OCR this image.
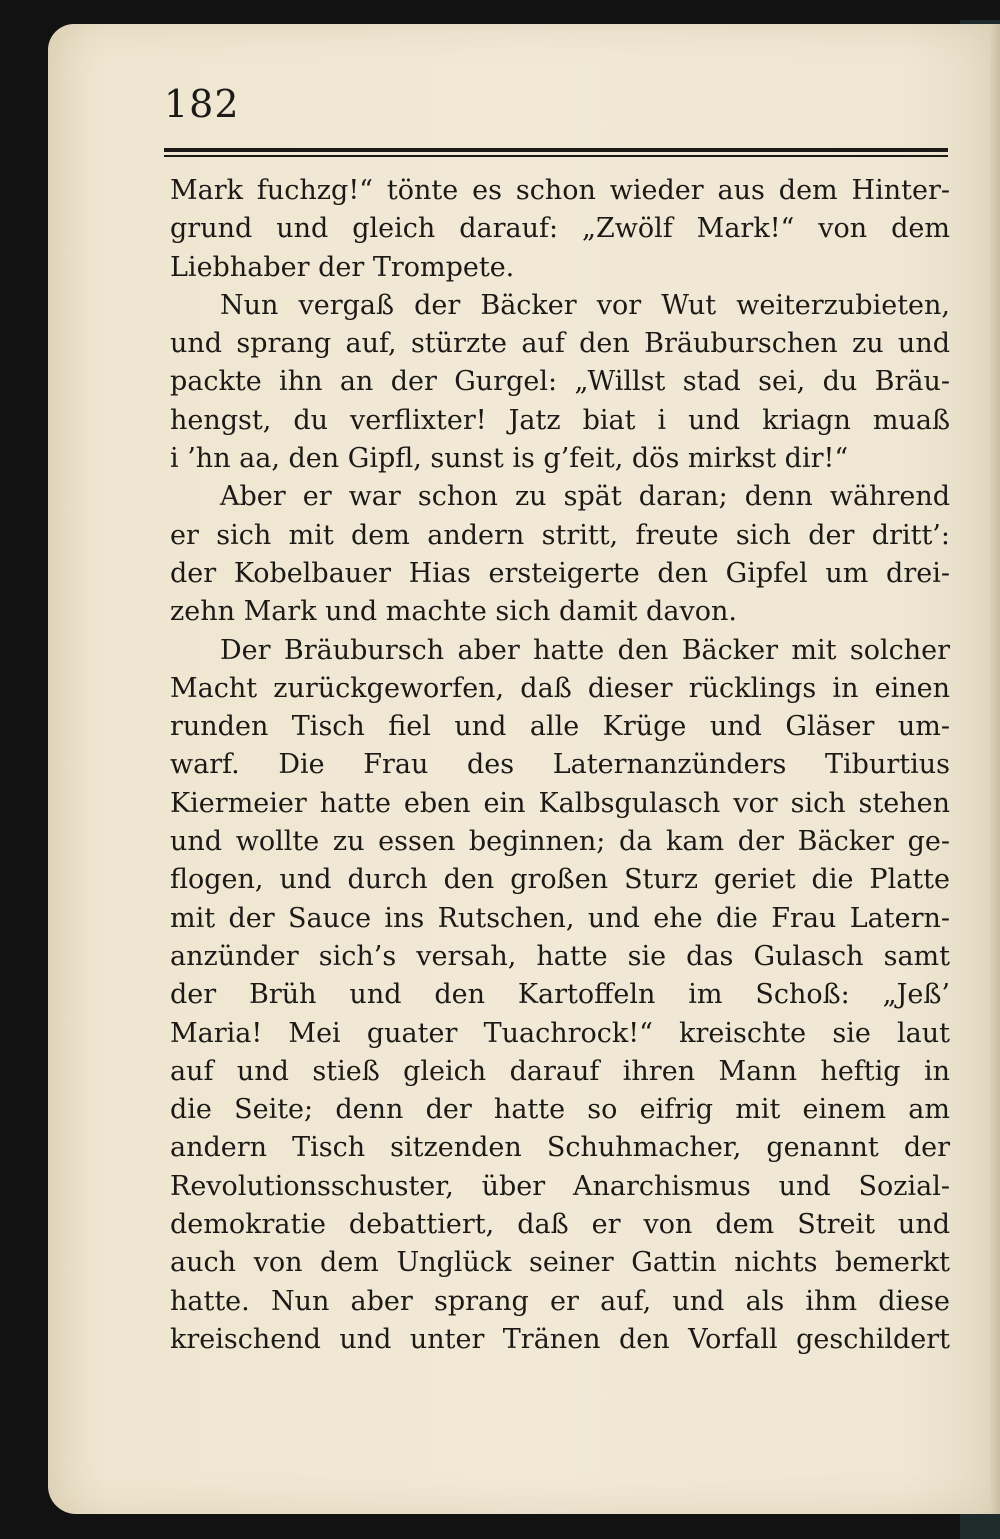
182
Mark fuchzg!“ tönte es schon wieder aus dem Hinter-
grund und gleich darauf: „Zwölf Mark!“ von dem
Liebhaber der Trompete.
Nun vergaß der Bäcker vor Wut weiterzubieten,
und sprang auf, stürzte auf den Bräuburschen zu und
packte ihn an der Gurgel: „Willst stad sei, du Bräu-
hengst, du verflixter! Jatz biat i und kriagn muaß
i ’hn aa, den Gipfl, sunst is g’feit, dös mirkst dir!“
Aber er war schon zu spät daran; denn während
er sich mit dem andern stritt, freute sich der dritt’:
der Kobelbauer Hias ersteigerte den Gipfel um drei-
zehn Mark und machte sich damit davon.
Der Bräubursch aber hatte den Bäcker mit solcher
Macht zurückgeworfen, daß dieser rücklings in einen
runden Tisch fiel und alle Krüge und Gläser um-
warf. Die Frau des Laternanzünders Tiburtius
Kiermeier hatte eben ein Kalbsgulasch vor sich stehen
und wollte zu essen beginnen; da kam der Bäcker ge-
flogen, und durch den großen Sturz geriet die Platte
mit der Sauce ins Rutschen, und ehe die Frau Latern-
anzünder sich’s versah, hatte sie das Gulasch samt
der Brüh und den Kartoffeln im Schoß: „Jeß’
Maria! Mei guater Tuachrock!“ kreischte sie laut
auf und stieß gleich darauf ihren Mann heftig in
die Seite; denn der hatte so eifrig mit einem am
andern Tisch sitzenden Schuhmacher, genannt der
Revolutionsschuster, über Anarchismus und Sozial-
demokratie debattiert, daß er von dem Streit und
auch von dem Unglück seiner Gattin nichts bemerkt
hatte. Nun aber sprang er auf, und als ihm diese
kreischend und unter Tränen den Vorfall geschildert
